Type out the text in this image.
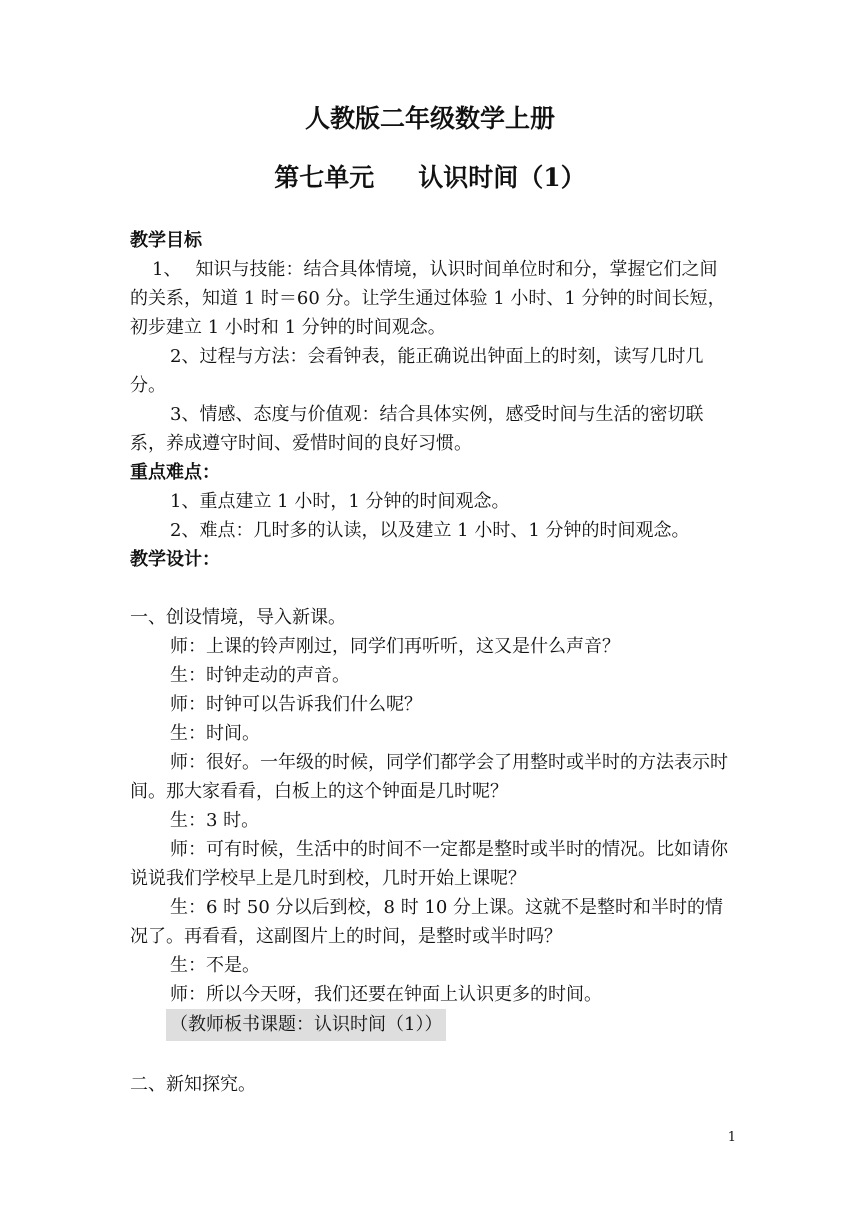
人教版二年级数学上册
第七单元 认识时间（1）

教学目标

1、 知识与技能：结合具体情境，认识时间单位时和分，掌握它们之间的关系，知道 1 时＝60 分。让学生通过体验 1 小时、1 分钟的时间长短，初步建立 1 小时和 1 分钟的时间观念。

2、过程与方法：会看钟表，能正确说出钟面上的时刻，读写几时几分。

3、情感、态度与价值观：结合具体实例，感受时间与生活的密切联系，养成遵守时间、爱惜时间的良好习惯。

重点难点：

1、重点建立 1 小时，1 分钟的时间观念。

2、难点：几时多的认读，以及建立 1 小时、1 分钟的时间观念。

教学设计：

一、创设情境，导入新课。

师：上课的铃声刚过，同学们再听听，这又是什么声音？

生：时钟走动的声音。

师：时钟可以告诉我们什么呢？

生：时间。

师：很好。一年级的时候，同学们都学会了用整时或半时的方法表示时间。那大家看看，白板上的这个钟面是几时呢？

生：3 时。

师：可有时候，生活中的时间不一定都是整时或半时的情况。比如请你说说我们学校早上是几时到校，几时开始上课呢？

生：6 时 50 分以后到校，8 时 10 分上课。这就不是整时和半时的情况了。再看看，这副图片上的时间，是整时或半时吗？

生：不是。

师：所以今天呀，我们还要在钟面上认识更多的时间。

（教师板书课题：认识时间（1））

二、新知探究。

1
